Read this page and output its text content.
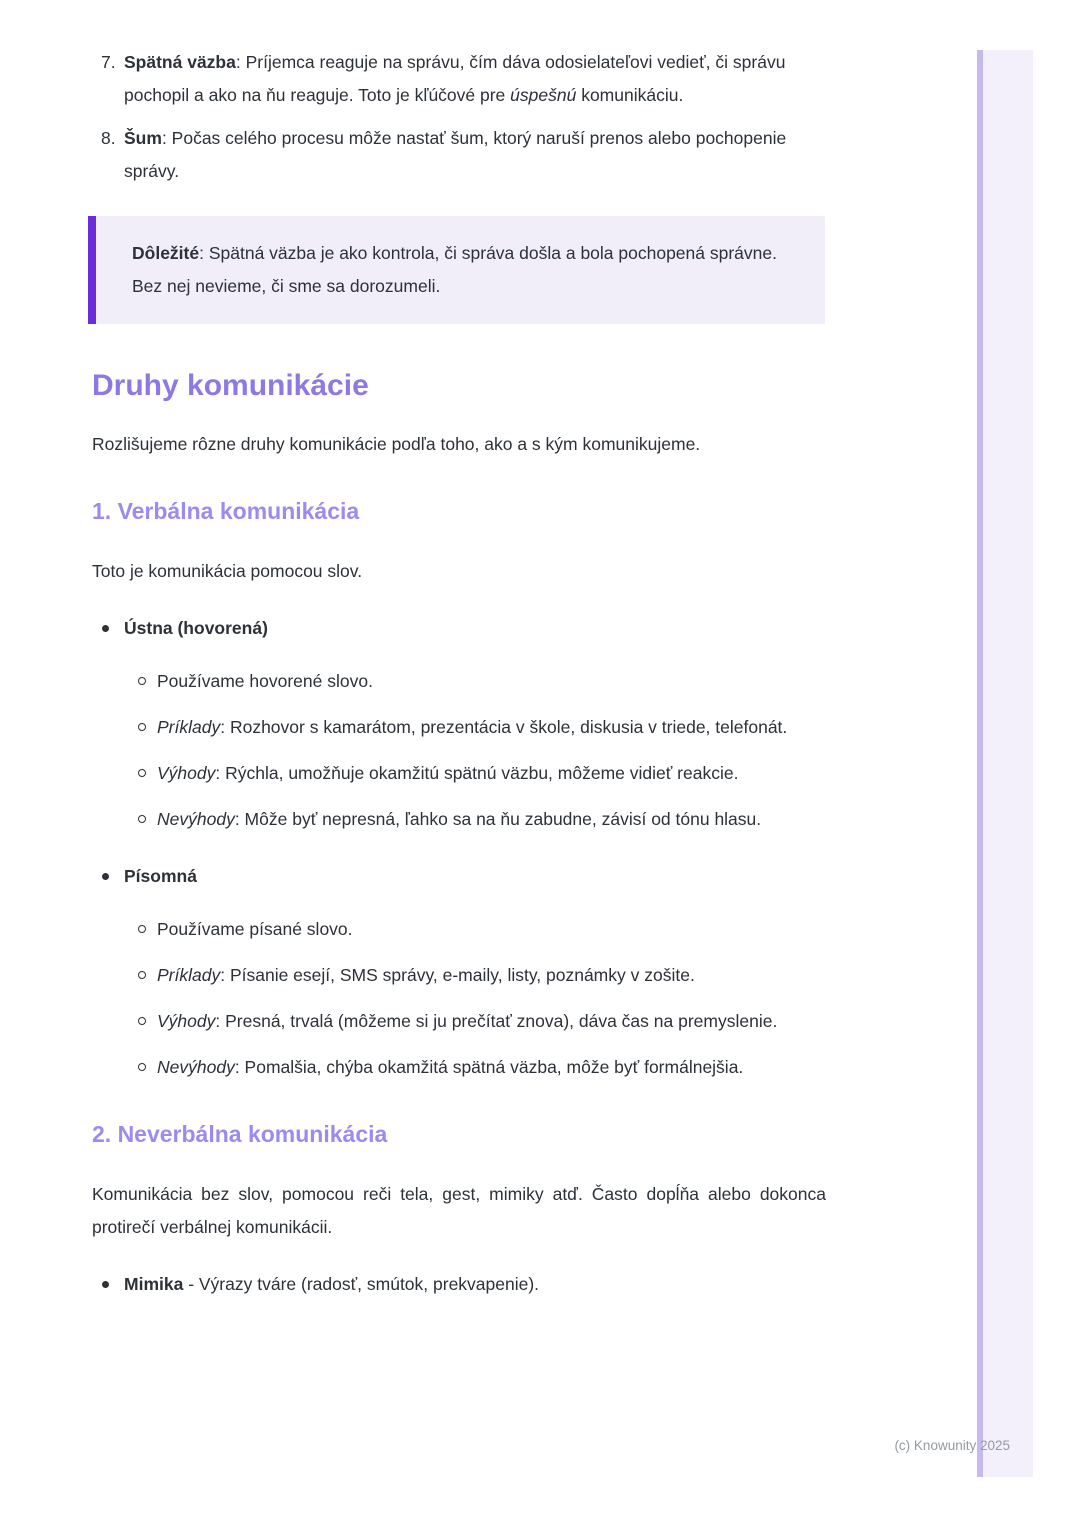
7. Spätná väzba: Príjemca reaguje na správu, čím dáva odosielateľovi vedieť, či správu pochopil a ako na ňu reaguje. Toto je kľúčové pre úspešnú komunikáciu.
8. Šum: Počas celého procesu môže nastať šum, ktorý naruší prenos alebo pochopenie správy.
Dôležité: Spätná väzba je ako kontrola, či správa došla a bola pochopená správne. Bez nej nevieme, či sme sa dorozumeli.
Druhy komunikácie

Rozlišujeme rôzne druhy komunikácie podľa toho, ako a s kým komunikujeme.

1. Verbálna komunikácia

Toto je komunikácia pomocou slov.

Ústna (hovorená)
Používame hovorené slovo.
Príklady: Rozhovor s kamarátom, prezentácia v škole, diskusia v triede, telefonát.
Výhody: Rýchla, umožňuje okamžitú spätnú väzbu, môžeme vidieť reakcie.
Nevýhody: Môže byť nepresná, ľahko sa na ňu zabudne, závisí od tónu hlasu.
Písomná
Používame písané slovo.
Príklady: Písanie esejí, SMS správy, e-maily, listy, poznámky v zošite.
Výhody: Presná, trvalá (môžeme si ju prečítať znova), dáva čas na premyslenie.
Nevýhody: Pomalšia, chýba okamžitá spätná väzba, môže byť formálnejšia.
2. Neverbálna komunikácia

Komunikácia bez slov, pomocou reči tela, gest, mimiky atď. Často dopĺňa alebo dokonca protirečí verbálnej komunikácii.

Mimika - Výrazy tváre (radosť, smútok, prekvapenie).
(c) Knowunity 2025
